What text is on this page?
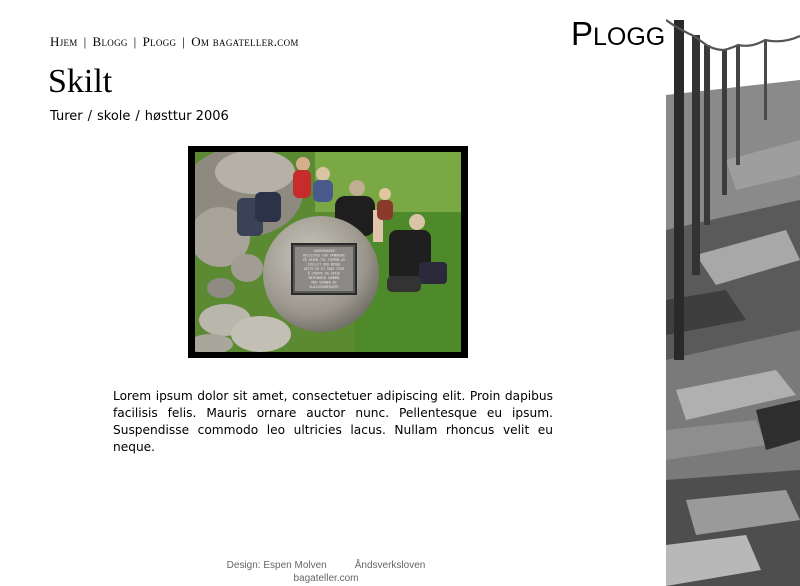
Hjem | Blogg | Plogg | Om bagateller.com
Skilt
Turer / skole / høsttur 2006
VARDEBAKKEN
HVILESTED FOR VANDRERE
PÅ VEIEN TIL TOPPEN AV
FJELLET VED BYGDA
DETTE ER ET GODT STED
Å STOPPE OG SPISE
MATPAKKEN SAMMEN
MED VENNER OG
KLASSEKAMERATER

Lorem ipsum dolor sit amet, consectetuer adipiscing elit. Proin dapibus facilisis felis. Mauris ornare auctor nunc. Pellentesque eu ipsum. Suspendisse commodo leo ultricies lacus. Nullam rhoncus velit eu neque.

Design: Espen Molven	Åndsverksloven
bagateller.com
PLOGG
